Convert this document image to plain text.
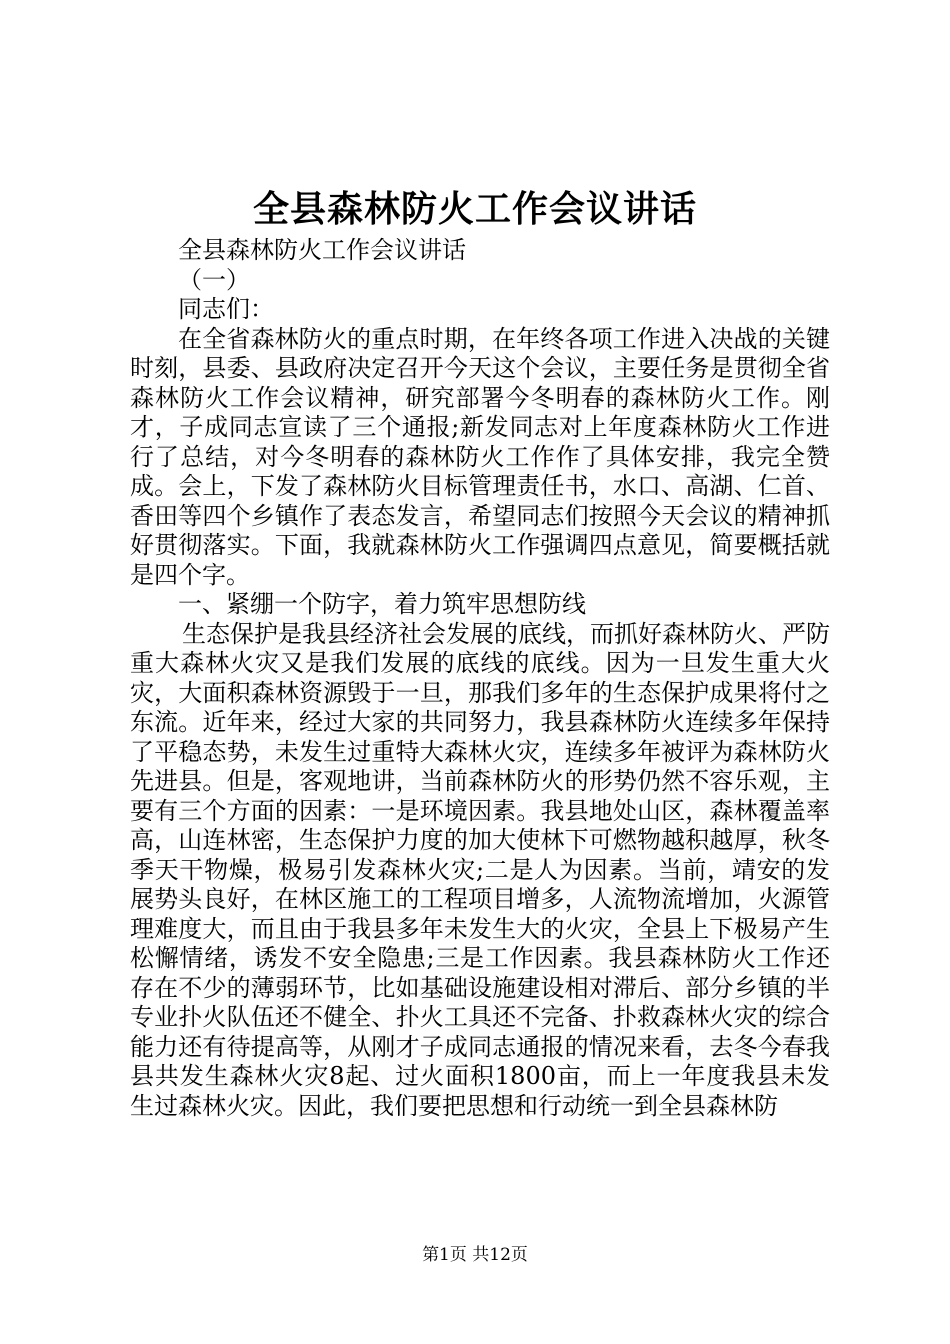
全县森林防火工作会议讲话

全县森林防火工作会议讲话

（一）

同志们：

在全省森林防火的重点时期，在年终各项工作进入决战的关键时刻，县委、县政府决定召开今天这个会议，主要任务是贯彻全省森林防火工作会议精神，研究部署今冬明春的森林防火工作。刚才，子成同志宣读了三个通报;新发同志对上年度森林防火工作进行了总结，对今冬明春的森林防火工作作了具体安排，我完全赞成。会上，下发了森林防火目标管理责任书，水口、高湖、仁首、香田等四个乡镇作了表态发言，希望同志们按照今天会议的精神抓好贯彻落实。下面，我就森林防火工作强调四点意见，简要概括就是四个字。

一、紧绷一个防字，着力筑牢思想防线

生态保护是我县经济社会发展的底线，而抓好森林防火、严防重大森林火灾又是我们发展的底线的底线。因为一旦发生重大火灾，大面积森林资源毁于一旦，那我们多年的生态保护成果将付之东流。近年来，经过大家的共同努力，我县森林防火连续多年保持了平稳态势，未发生过重特大森林火灾，连续多年被评为森林防火先进县。但是，客观地讲，当前森林防火的形势仍然不容乐观，主要有三个方面的因素：一是环境因素。我县地处山区，森林覆盖率高，山连林密，生态保护力度的加大使林下可燃物越积越厚，秋冬季天干物燥，极易引发森林火灾;二是人为因素。当前，靖安的发展势头良好，在林区施工的工程项目增多，人流物流增加，火源管理难度大，而且由于我县多年未发生大的火灾，全县上下极易产生松懈情绪，诱发不安全隐患;三是工作因素。我县森林防火工作还存在不少的薄弱环节，比如基础设施建设相对滞后、部分乡镇的半专业扑火队伍还不健全、扑火工具还不完备、扑救森林火灾的综合能力还有待提高等，从刚才子成同志通报的情况来看，去冬今春我县共发生森林火灾8起、过火面积1800亩，而上一年度我县未发生过森林火灾。因此，我们要把思想和行动统一到全县森林防

第1页 共12页
